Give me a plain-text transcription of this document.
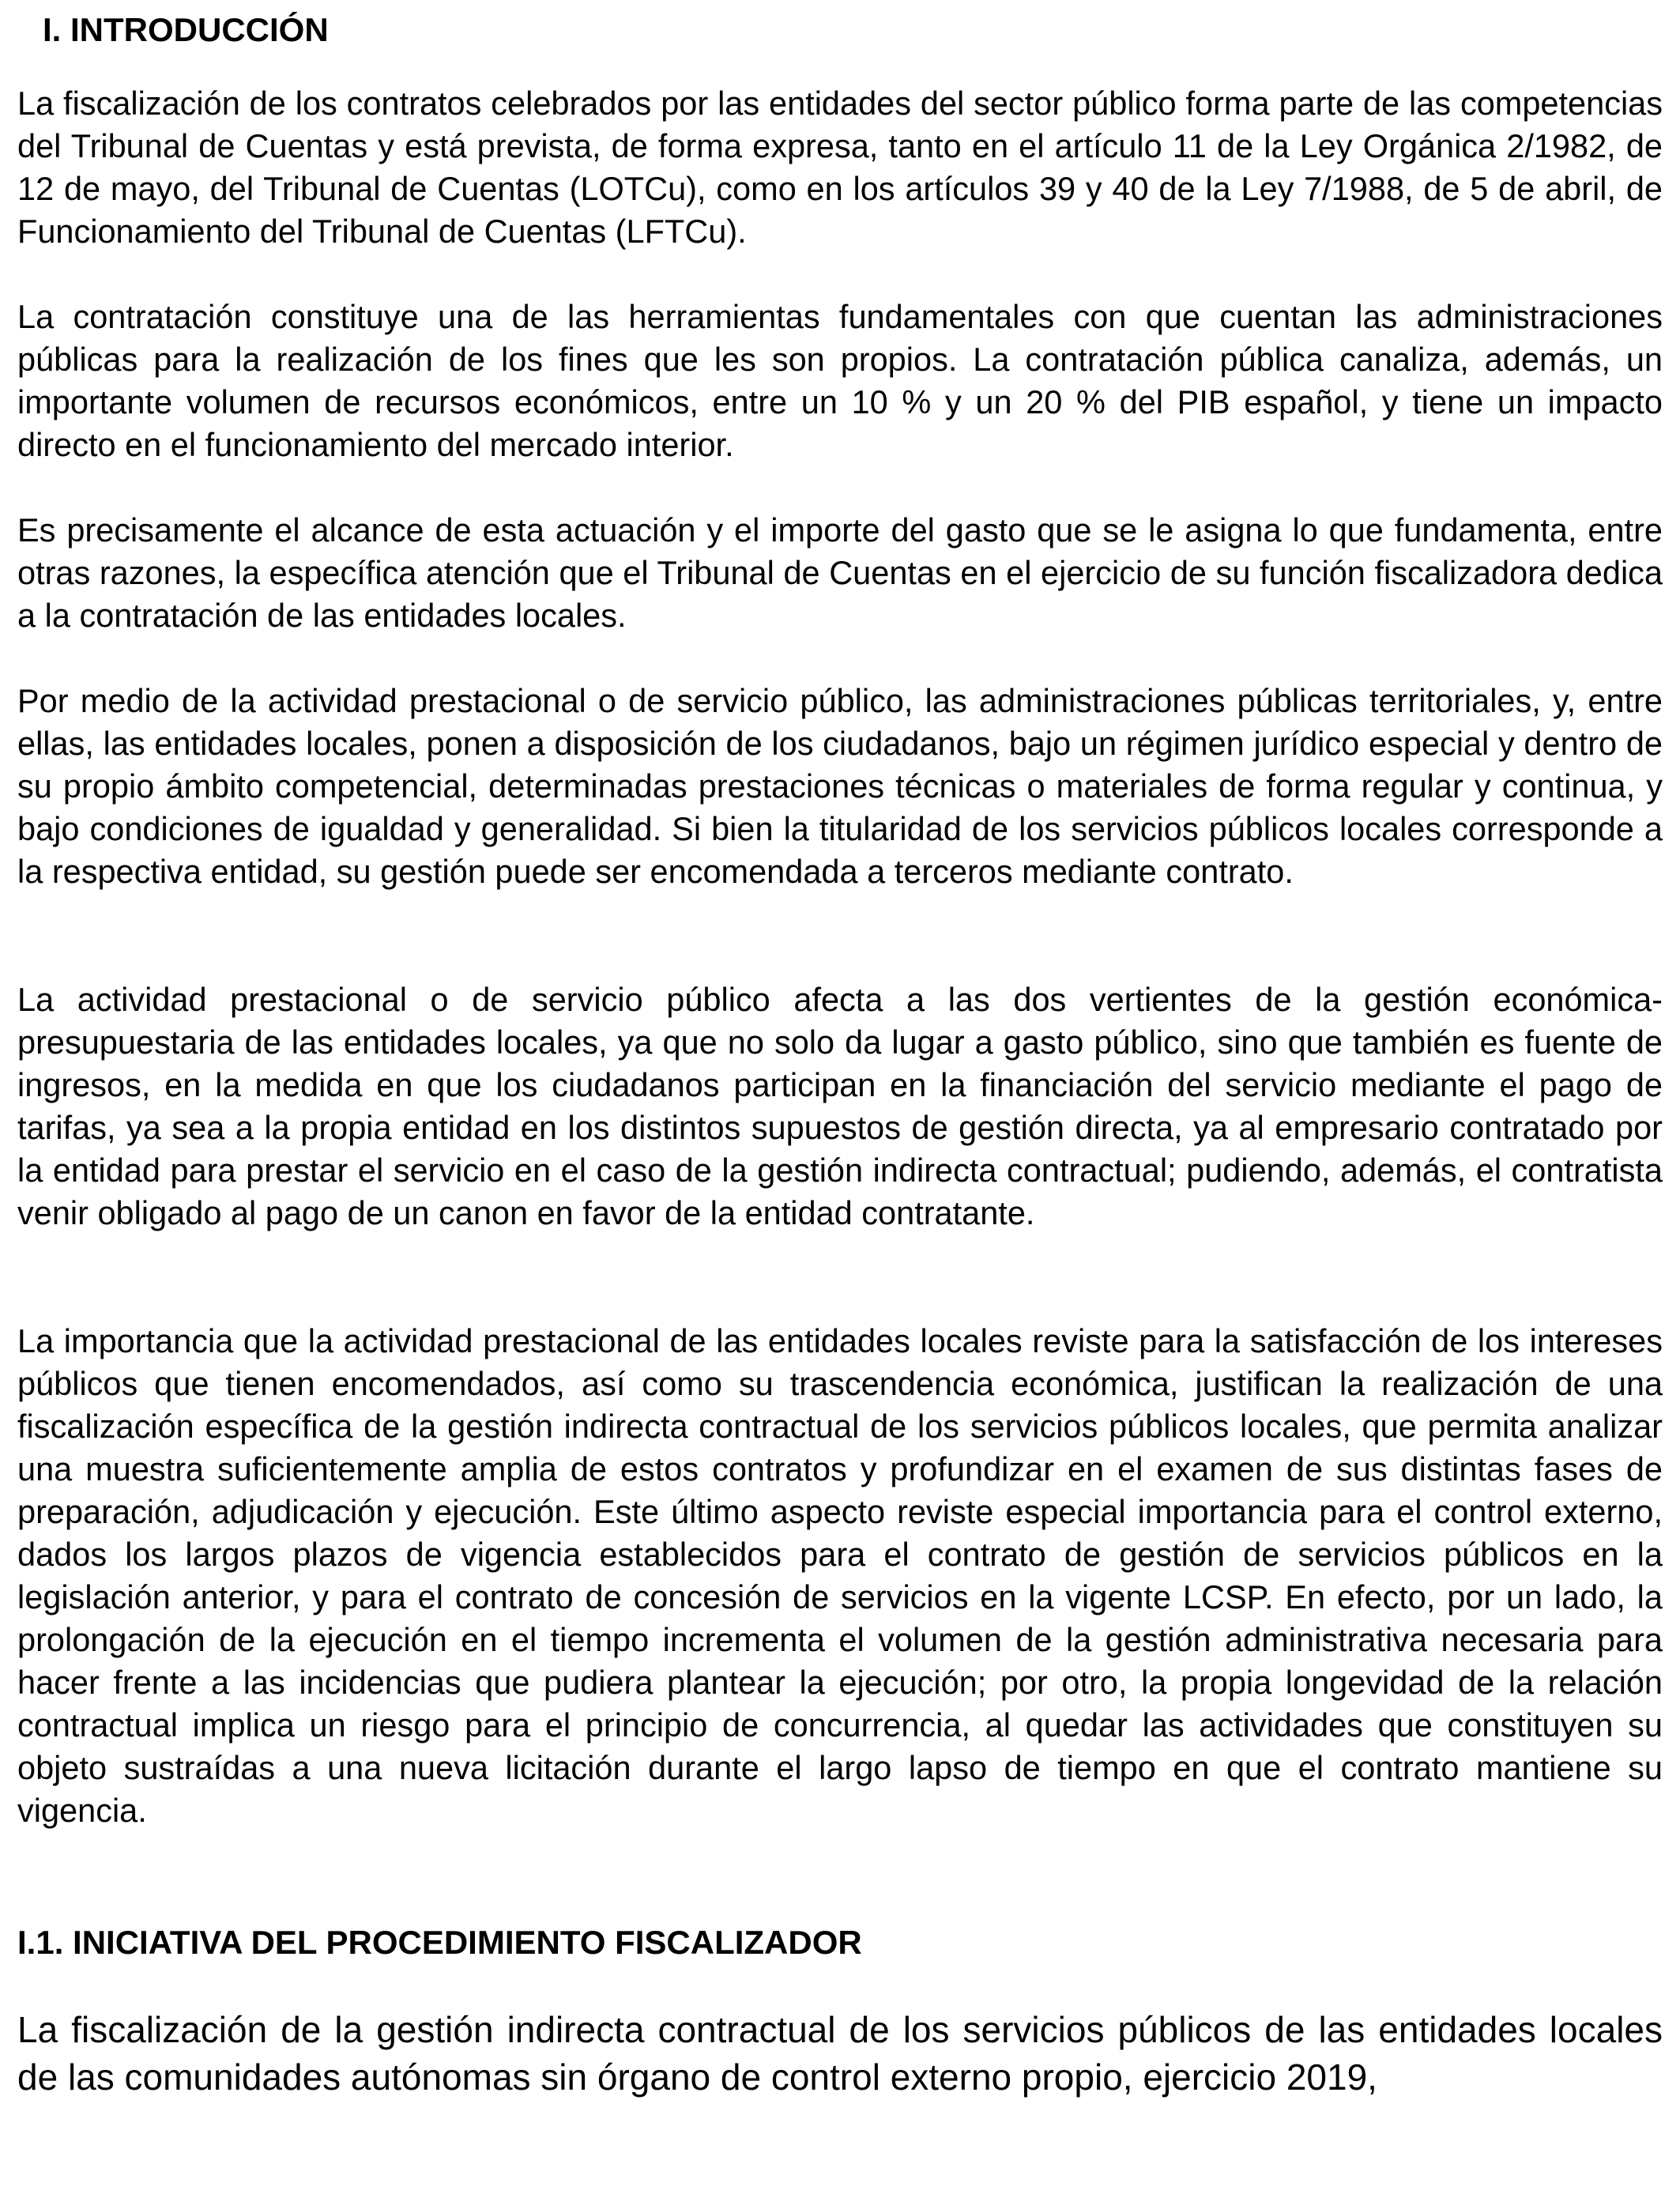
I. INTRODUCCIÓN

La fiscalización de los contratos celebrados por las entidades del sector público forma parte de las competencias del Tribunal de Cuentas y está prevista, de forma expresa, tanto en el artículo 11 de la Ley Orgánica 2/1982, de 12 de mayo, del Tribunal de Cuentas (LOTCu), como en los artículos 39 y 40 de la Ley 7/1988, de 5 de abril, de Funcionamiento del Tribunal de Cuentas (LFTCu).

La contratación constituye una de las herramientas fundamentales con que cuentan las administraciones públicas para la realización de los fines que les son propios. La contratación pública canaliza, además, un importante volumen de recursos económicos, entre un 10 % y un 20 % del PIB español, y tiene un impacto directo en el funcionamiento del mercado interior.

Es precisamente el alcance de esta actuación y el importe del gasto que se le asigna lo que fundamenta, entre otras razones, la específica atención que el Tribunal de Cuentas en el ejercicio de su función fiscalizadora dedica a la contratación de las entidades locales.

Por medio de la actividad prestacional o de servicio público, las administraciones públicas territoriales, y, entre ellas, las entidades locales, ponen a disposición de los ciudadanos, bajo un régimen jurídico especial y dentro de su propio ámbito competencial, determinadas prestaciones técnicas o materiales de forma regular y continua, y bajo condiciones de igualdad y generalidad. Si bien la titularidad de los servicios públicos locales corresponde a la respectiva entidad, su gestión puede ser encomendada a terceros mediante contrato.

La actividad prestacional o de servicio público afecta a las dos vertientes de la gestión económica-presupuestaria de las entidades locales, ya que no solo da lugar a gasto público, sino que también es fuente de ingresos, en la medida en que los ciudadanos participan en la financiación del servicio mediante el pago de tarifas, ya sea a la propia entidad en los distintos supuestos de gestión directa, ya al empresario contratado por la entidad para prestar el servicio en el caso de la gestión indirecta contractual; pudiendo, además, el contratista venir obligado al pago de un canon en favor de la entidad contratante.

La importancia que la actividad prestacional de las entidades locales reviste para la satisfacción de los intereses públicos que tienen encomendados, así como su trascendencia económica, justifican la realización de una fiscalización específica de la gestión indirecta contractual de los servicios públicos locales, que permita analizar una muestra suficientemente amplia de estos contratos y profundizar en el examen de sus distintas fases de preparación, adjudicación y ejecución. Este último aspecto reviste especial importancia para el control externo, dados los largos plazos de vigencia establecidos para el contrato de gestión de servicios públicos en la legislación anterior, y para el contrato de concesión de servicios en la vigente LCSP. En efecto, por un lado, la prolongación de la ejecución en el tiempo incrementa el volumen de la gestión administrativa necesaria para hacer frente a las incidencias que pudiera plantear la ejecución; por otro, la propia longevidad de la relación contractual implica un riesgo para el principio de concurrencia, al quedar las actividades que constituyen su objeto sustraídas a una nueva licitación durante el largo lapso de tiempo en que el contrato mantiene su vigencia.

I.1. INICIATIVA DEL PROCEDIMIENTO FISCALIZADOR

La fiscalización de la gestión indirecta contractual de los servicios públicos de las entidades locales de las comunidades autónomas sin órgano de control externo propio, ejercicio 2019,
